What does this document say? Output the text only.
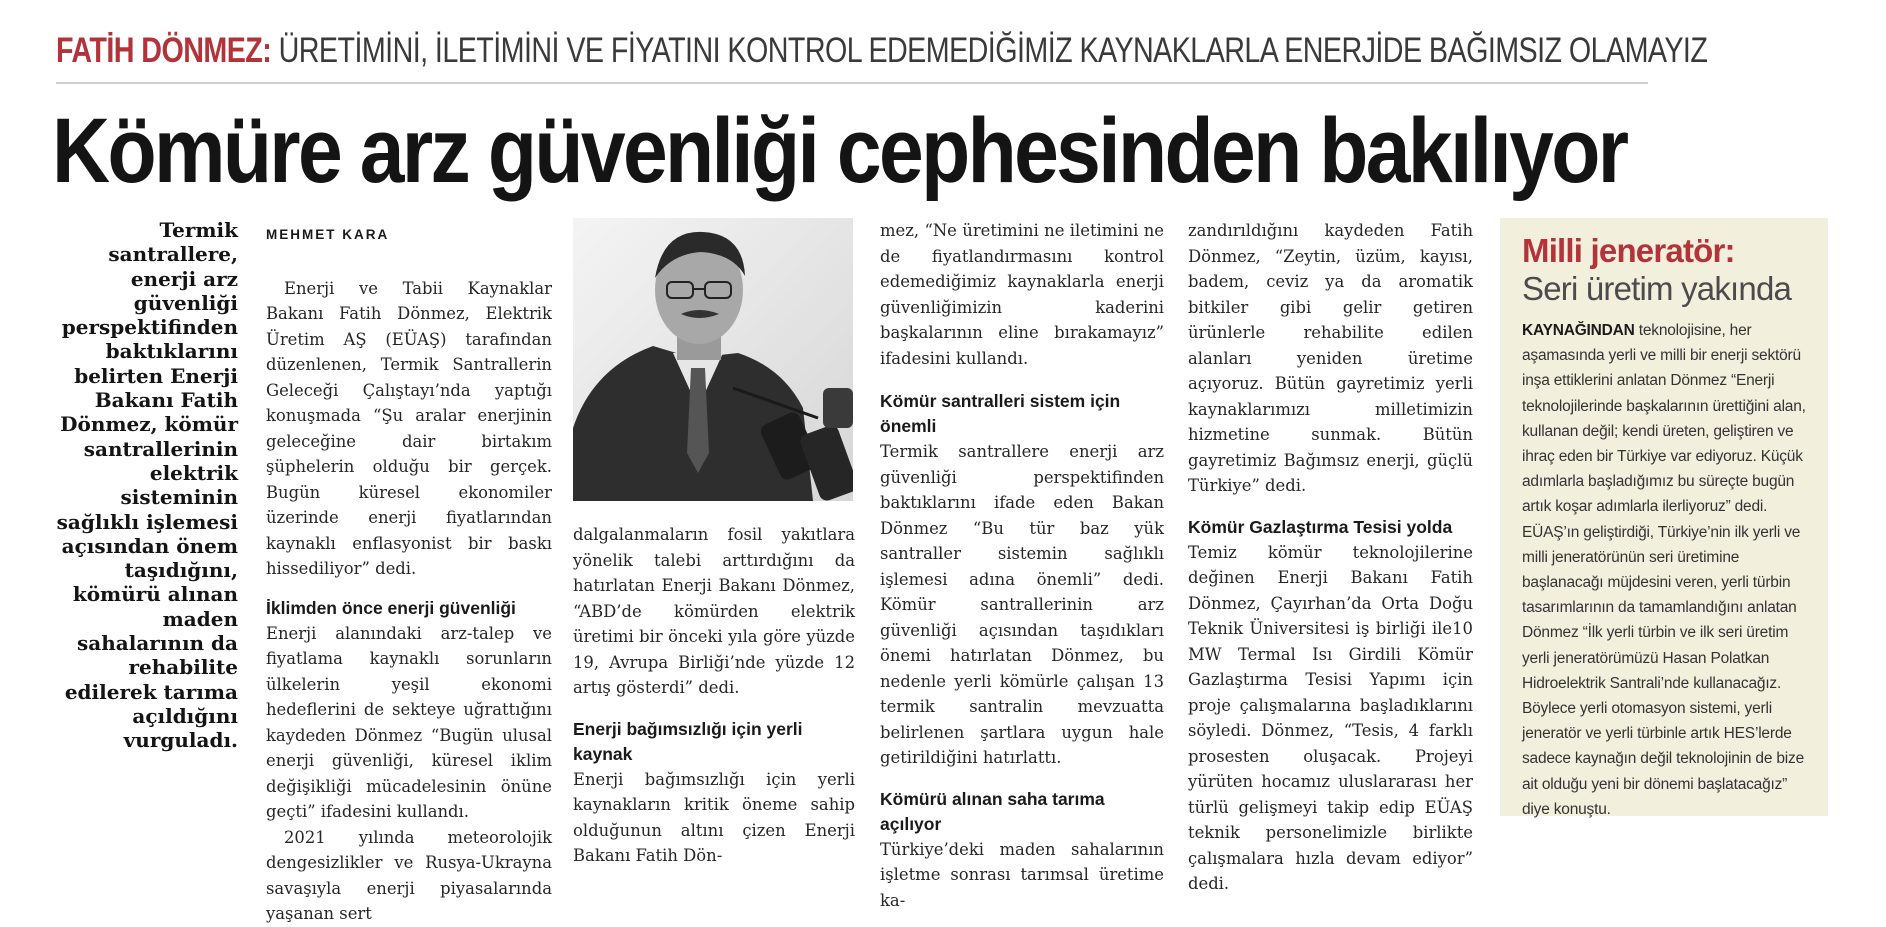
FATİH DÖNMEZ: ÜRETİMİNİ, İLETİMİNİ VE FİYATINI KONTROL EDEMEDİĞİMİZ KAYNAKLARLA ENERJİDE BAĞIMSIZ OLAMAYIZ
Kömüre arz güvenliği cephesinden bakılıyor
Termik santrallere, enerji arz güvenliği perspektifinden baktıklarını belirten Enerji Bakanı Fatih Dönmez, kömür santrallerinin elektrik sisteminin sağlıklı işlemesi açısından önem taşıdığını, kömürü alınan maden sahalarının da rehabilite edilerek tarıma açıldığını vurguladı.

MEHMET KARA

Enerji ve Tabii Kaynaklar Bakanı Fatih Dönmez, Elektrik Üretim AŞ (EÜAŞ) tarafından düzenlenen, Termik Santrallerin Geleceği Çalıştayı’nda yaptığı konuşmada “Şu aralar enerjinin geleceğine dair birtakım şüphelerin olduğu bir gerçek. Bugün küresel ekonomiler üzerinde enerji fiyatlarından kaynaklı enflasyonist bir baskı hissediliyor” dedi.

İklimden önce enerji güvenliği

Enerji alanındaki arz-talep ve fiyatlama kaynaklı sorunların ülkelerin yeşil ekonomi hedeflerini de sekteye uğrattığını kaydeden Dönmez “Bugün ulusal enerji güvenliği, küresel iklim değişikliği mücadelesinin önüne geçti” ifadesini kullandı.

2021 yılında meteorolojik dengesizlikler ve Rusya-Ukrayna savaşıyla enerji piyasalarında yaşanan sert

dalgalanmaların fosil yakıtlara yönelik talebi arttırdığını da hatırlatan Enerji Bakanı Dönmez, “ABD’de kömürden elektrik üretimi bir önceki yıla göre yüzde 19, Avrupa Birliği’nde yüzde 12 artış gösterdi” dedi.

Enerji bağımsızlığı için yerli kaynak

Enerji bağımsızlığı için yerli kaynakların kritik öneme sahip olduğunun altını çizen Enerji Bakanı Fatih Dön-

mez, “Ne üretimini ne iletimini ne de fiyatlandırmasını kontrol edemediğimiz kaynaklarla enerji güvenliğimizin kaderini başkalarının eline bırakamayız” ifadesini kullandı.

Kömür santralleri sistem için önemli

Termik santrallere enerji arz güvenliği perspektifinden baktıklarını ifade eden Bakan Dönmez “Bu tür baz yük santraller sistemin sağlıklı işlemesi adına önemli” dedi. Kömür santrallerinin arz güvenliği açısından taşıdıkları önemi hatırlatan Dönmez, bu nedenle yerli kömürle çalışan 13 termik santralin mevzuatta belirlenen şartlara uygun hale getirildiğini hatırlattı.

Kömürü alınan saha tarıma açılıyor

Türkiye’deki maden sahalarının işletme sonrası tarımsal üretime ka-

zandırıldığını kaydeden Fatih Dönmez, “Zeytin, üzüm, kayısı, badem, ceviz ya da aromatik bitkiler gibi gelir getiren ürünlerle rehabilite edilen alanları yeniden üretime açıyoruz. Bütün gayretimiz yerli kaynaklarımızı milletimizin hizmetine sunmak. Bütün gayretimiz Bağımsız enerji, güçlü Türkiye” dedi.

Kömür Gazlaştırma Tesisi yolda

Temiz kömür teknolojilerine değinen Enerji Bakanı Fatih Dönmez, Çayırhan’da Orta Doğu Teknik Üniversitesi iş birliği ile10 MW Termal Isı Girdili Kömür Gazlaştırma Tesisi Yapımı için proje çalışmalarına başladıklarını söyledi. Dönmez, “Tesis, 4 farklı prosesten oluşacak. Projeyi yürüten hocamız uluslararası her türlü gelişmeyi takip edip EÜAŞ teknik personelimizle birlikte çalışmalara hızla devam ediyor” dedi.

Milli jeneratör:
Seri üretim yakında
KAYNAĞINDAN teknolojisine, her aşamasında yerli ve milli bir enerji sektörü inşa ettiklerini anlatan Dönmez “Enerji teknolojilerinde başkalarının ürettiğini alan, kullanan değil; kendi üreten, geliştiren ve ihraç eden bir Türkiye var ediyoruz. Küçük adımlarla başladığımız bu süreçte bugün artık koşar adımlarla ilerliyoruz” dedi. EÜAŞ’ın geliştirdiği, Türkiye’nin ilk yerli ve milli jeneratörünün seri üretimine başlanacağı müjdesini veren, yerli türbin tasarımlarının da tamamlandığını anlatan Dönmez “İlk yerli türbin ve ilk seri üretim yerli jeneratörümüzü Hasan Polatkan Hidroelektrik Santrali’nde kullanacağız. Böylece yerli otomasyon sistemi, yerli jeneratör ve yerli türbinle artık HES’lerde sadece kaynağın değil teknolojinin de bize ait olduğu yeni bir dönemi başlatacağız” diye konuştu.
